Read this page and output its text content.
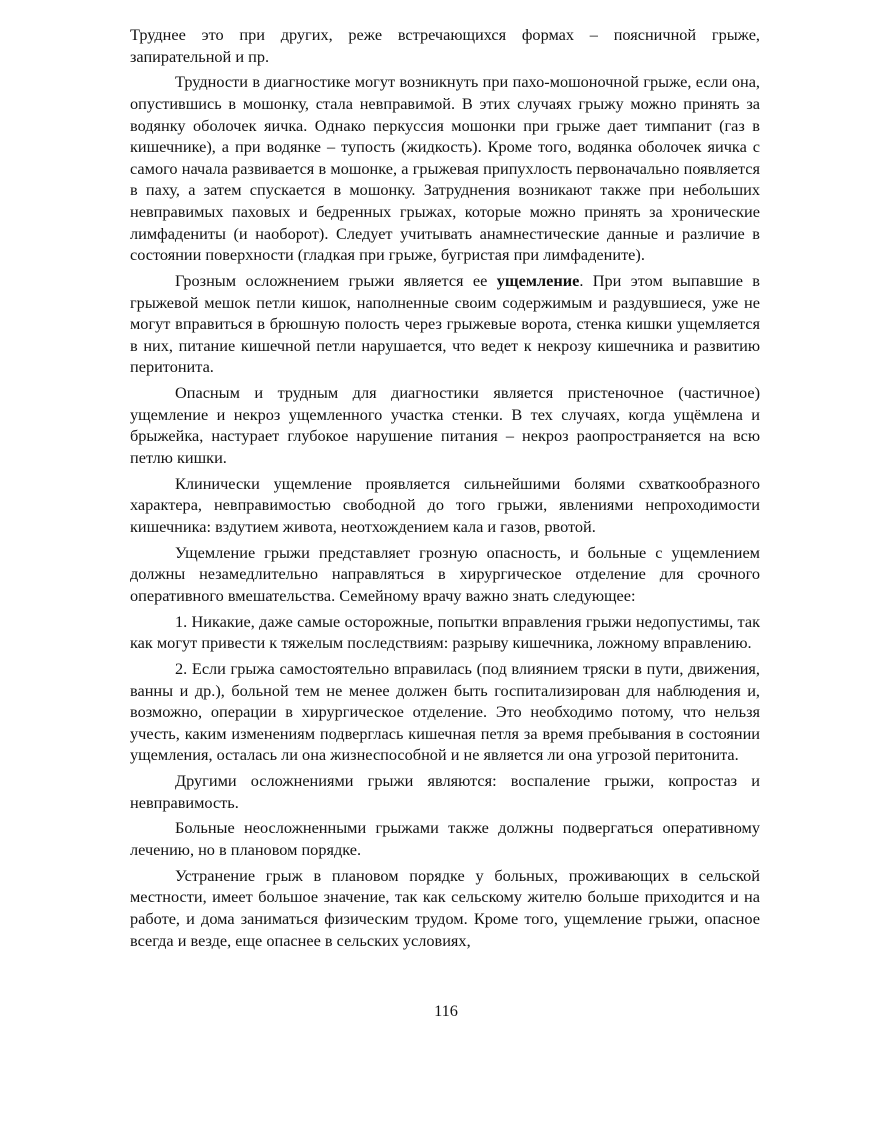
Труднее это при других, реже встречающихся формах – поясничной грыже, запирательной и пр.

Трудности в диагностике могут возникнуть при пахо-мошоночной грыже, если она, опустившись в мошонку, стала невправимой. В этих случаях грыжу можно принять за водянку оболочек яичка. Однако перкуссия мошонки при грыже дает тимпанит (газ в кишечнике), а при водянке – тупость (жидкость). Кроме того, водянка оболочек яичка с самого начала развивается в мошонке, а грыжевая припухлость первоначально появляется в паху, а затем спускается в мошонку. Затруднения возникают также при небольших невправимых паховых и бедренных грыжах, которые можно принять за хронические лимфадениты (и наоборот). Следует учитывать анамнестические данные и различие в состоянии поверхности (гладкая при грыже, бугристая при лимфадените).

Грозным осложнением грыжи является ее ущемление. При этом выпавшие в грыжевой мешок петли кишок, наполненные своим содержимым и раздувшиеся, уже не могут вправиться в брюшную полость через грыжевые ворота, стенка кишки ущемляется в них, питание кишечной петли нарушается, что ведет к некрозу кишечника и развитию перитонита.

Опасным и трудным для диагностики является пристеночное (частичное) ущемление и некроз ущемленного участка стенки. В тех случаях, когда ущёмлена и брыжейка, настурает глубокое нарушение питания – некроз раопространяется на всю петлю кишки.

Клинически ущемление проявляется сильнейшими болями схваткообразного характера, невправимостью свободной до того грыжи, явлениями непроходимости кишечника: вздутием живота, неотхождением кала и газов, рвотой.

Ущемление грыжи представляет грозную опасность, и больные с ущемлением должны незамедлительно направляться в хирургическое отделение для срочного оперативного вмешательства. Семейному врачу важно знать следующее:

1. Никакие, даже самые осторожные, попытки вправления грыжи недопустимы, так как могут привести к тяжелым последствиям: разрыву кишечника, ложному вправлению.

2. Если грыжа самостоятельно вправилась (под влиянием тряски в пути, движения, ванны и др.), больной тем не менее должен быть госпитализирован для наблюдения и, возможно, операции в хирургическое отделение. Это необходимо потому, что нельзя учесть, каким изменениям подверглась кишечная петля за время пребывания в состоянии ущемления, осталась ли она жизнеспособной и не является ли она угрозой перитонита.

Другими осложнениями грыжи являются: воспаление грыжи, копростаз и невправимость.

Больные неосложненными грыжами также должны подвергаться оперативному лечению, но в плановом порядке.

Устранение грыж в плановом порядке у больных, проживающих в сельской местности, имеет большое значение, так как сельскому жителю больше приходится и на работе, и дома заниматься физическим трудом. Кроме того, ущемление грыжи, опасное всегда и везде, еще опаснее в сельских условиях,

116
